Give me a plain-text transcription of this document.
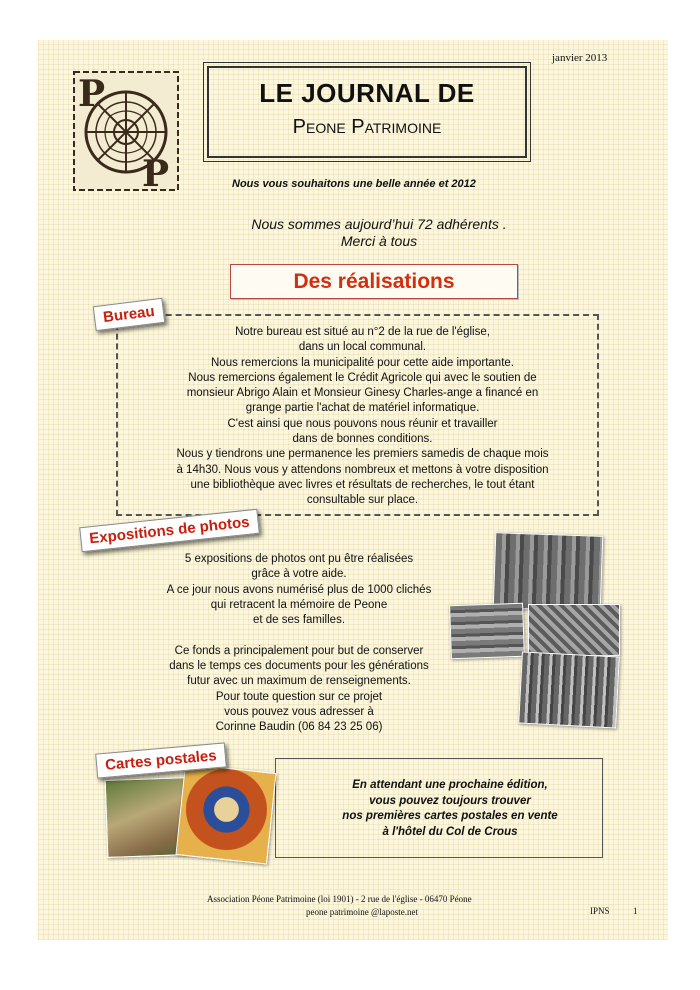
janvier 2013
P
P
LE JOURNAL DE
Peone Patrimoine
Nous vous souhaitons une belle année et 2012
Nous sommes aujourd’hui 72 adhérents .
Merci à tous
Des réalisations
Bureau
Notre bureau est situé au n°2 de la rue de l'église,
dans un local communal.
Nous remercions la municipalité pour cette aide importante.
Nous remercions également le Crédit Agricole qui avec le soutien de
monsieur Abrigo Alain et Monsieur Ginesy Charles-ange a financé en
grange partie l'achat de matériel informatique.
C'est ainsi que nous pouvons nous réunir et travailler
dans de bonnes conditions.
Nous y tiendrons une permanence les premiers samedis de chaque mois
à 14h30. Nous vous y attendons nombreux et mettons à votre disposition
une bibliothèque avec livres et résultats de recherches, le tout étant
consultable sur place.
Expositions de photos
5 expositions de photos ont pu être réalisées
grâce à votre aide.
A ce jour nous avons numérisé plus de 1000 clichés
qui retracent la mémoire de Peone
et de ses familles.

Ce fonds a principalement pour but de conserver
dans le temps ces documents pour les générations
futur avec un maximum de renseignements.
Pour toute question sur ce projet
vous pouvez vous adresser à
Corinne Baudin (06 84 23 25 06)
Cartes postales
En attendant une prochaine édition,
vous pouvez toujours trouver
nos premières cartes postales en vente
à l'hôtel du Col de Crous
Association Péone Patrimoine (loi 1901) - 2 rue de l'église - 06470 Péone
peone patrimoine @laposte.net	IPNS	1
